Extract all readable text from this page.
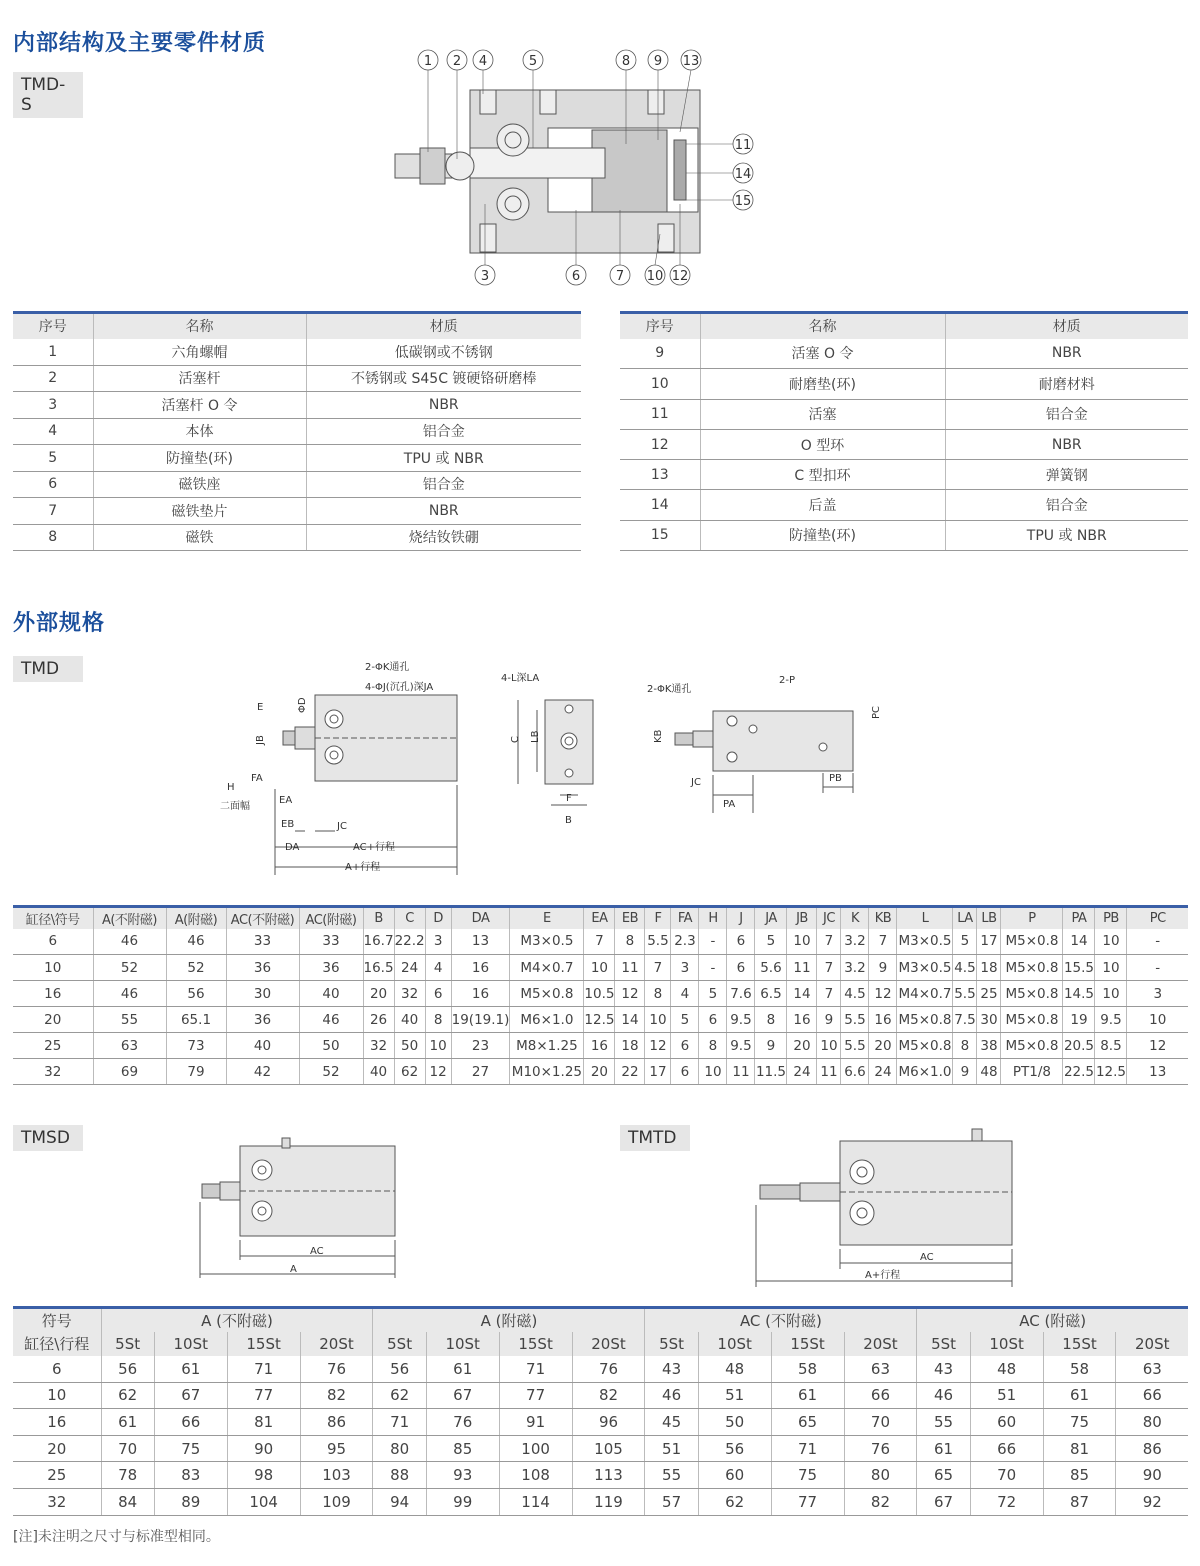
内部结构及主要零件材质
TMD-S
1 2 4	5	8 9 13
11
14
15
3	6	7 10 12
序号	名称	材质
1	六角螺帽	低碳钢或不锈钢
2	活塞杆	不锈钢或 S45C 镀硬铬研磨棒
3	活塞杆 O 令	NBR
4	本体	铝合金
5	防撞垫(环)	TPU 或 NBR
6	磁铁座	铝合金
7	磁铁垫片	NBR
8	磁铁	烧结钕铁硼
序号	名称	材质
9	活塞 O 令	NBR
10	耐磨垫(环)	耐磨材料
11	活塞	铝合金
12	O 型环	NBR
13	C 型扣环	弹簧钢
14	后盖	铝合金
15	防撞垫(环)	TPU 或 NBR
外部规格
TMD	2-ΦK通孔
4-ΦJ(沉孔)深JA
4-L深LA
2-ΦK通孔
2-P
E	ΦD
JB
FA
H
二面幅
EA
EB	JC
DA	AC+行程
A+行程
C LB
F
B
KB
PC
JC
PA
PB
缸径\符号	A(不附磁)	A(附磁)	AC(不附磁)	AC(附磁)	B	C	D	DA	E	EA	EB	F	FA	H	J	JA	JB	JC	K	KB	L	LA	LB	P	PA	PB	PC
6	46	46	33	33	16.7	22.2	3	13	M3×0.5	7	8	5.5	2.3	-	6	5	10	7	3.2	7	M3×0.5	5	17	M5×0.8	14	10	-
10	52	52	36	36	16.5	24	4	16	M4×0.7	10	11	7	3	-	6	5.6	11	7	3.2	9	M3×0.5	4.5	18	M5×0.8	15.5	10	-
16	46	56	30	40	20	32	6	16	M5×0.8	10.5	12	8	4	5	7.6	6.5	14	7	4.5	12	M4×0.7	5.5	25	M5×0.8	14.5	10	3
20	55	65.1	36	46	26	40	8	19(19.1)	M6×1.0	12.5	14	10	5	6	9.5	8	16	9	5.5	16	M5×0.8	7.5	30	M5×0.8	19	9.5	10
25	63	73	40	50	32	50	10	23	M8×1.25	16	18	12	6	8	9.5	9	20	10	5.5	20	M5×0.8	8	38	M5×0.8	20.5	8.5	12
32	69	79	42	52	40	62	12	27	M10×1.25	20	22	17	6	10	11	11.5	24	11	6.6	24	M6×1.0	9	48	PT1/8	22.5	12.5	13
TMSD	TMTD
AC
A
AC
A+行程
符号	A (不附磁)				A (附磁)				AC (不附磁)				AC (附磁)			
缸径\行程	5St	10St	15St	20St	5St	10St	15St	20St	5St	10St	15St	20St	5St	10St	15St	20St
6	56	61	71	76	56	61	71	76	43	48	58	63	43	48	58	63
10	62	67	77	82	62	67	77	82	46	51	61	66	46	51	61	66
16	61	66	81	86	71	76	91	96	45	50	65	70	55	60	75	80
20	70	75	90	95	80	85	100	105	51	56	71	76	61	66	81	86
25	78	83	98	103	88	93	108	113	55	60	75	80	65	70	85	90
32	84	89	104	109	94	99	114	119	57	62	77	82	67	72	87	92
[注]未注明之尺寸与标准型相同。
